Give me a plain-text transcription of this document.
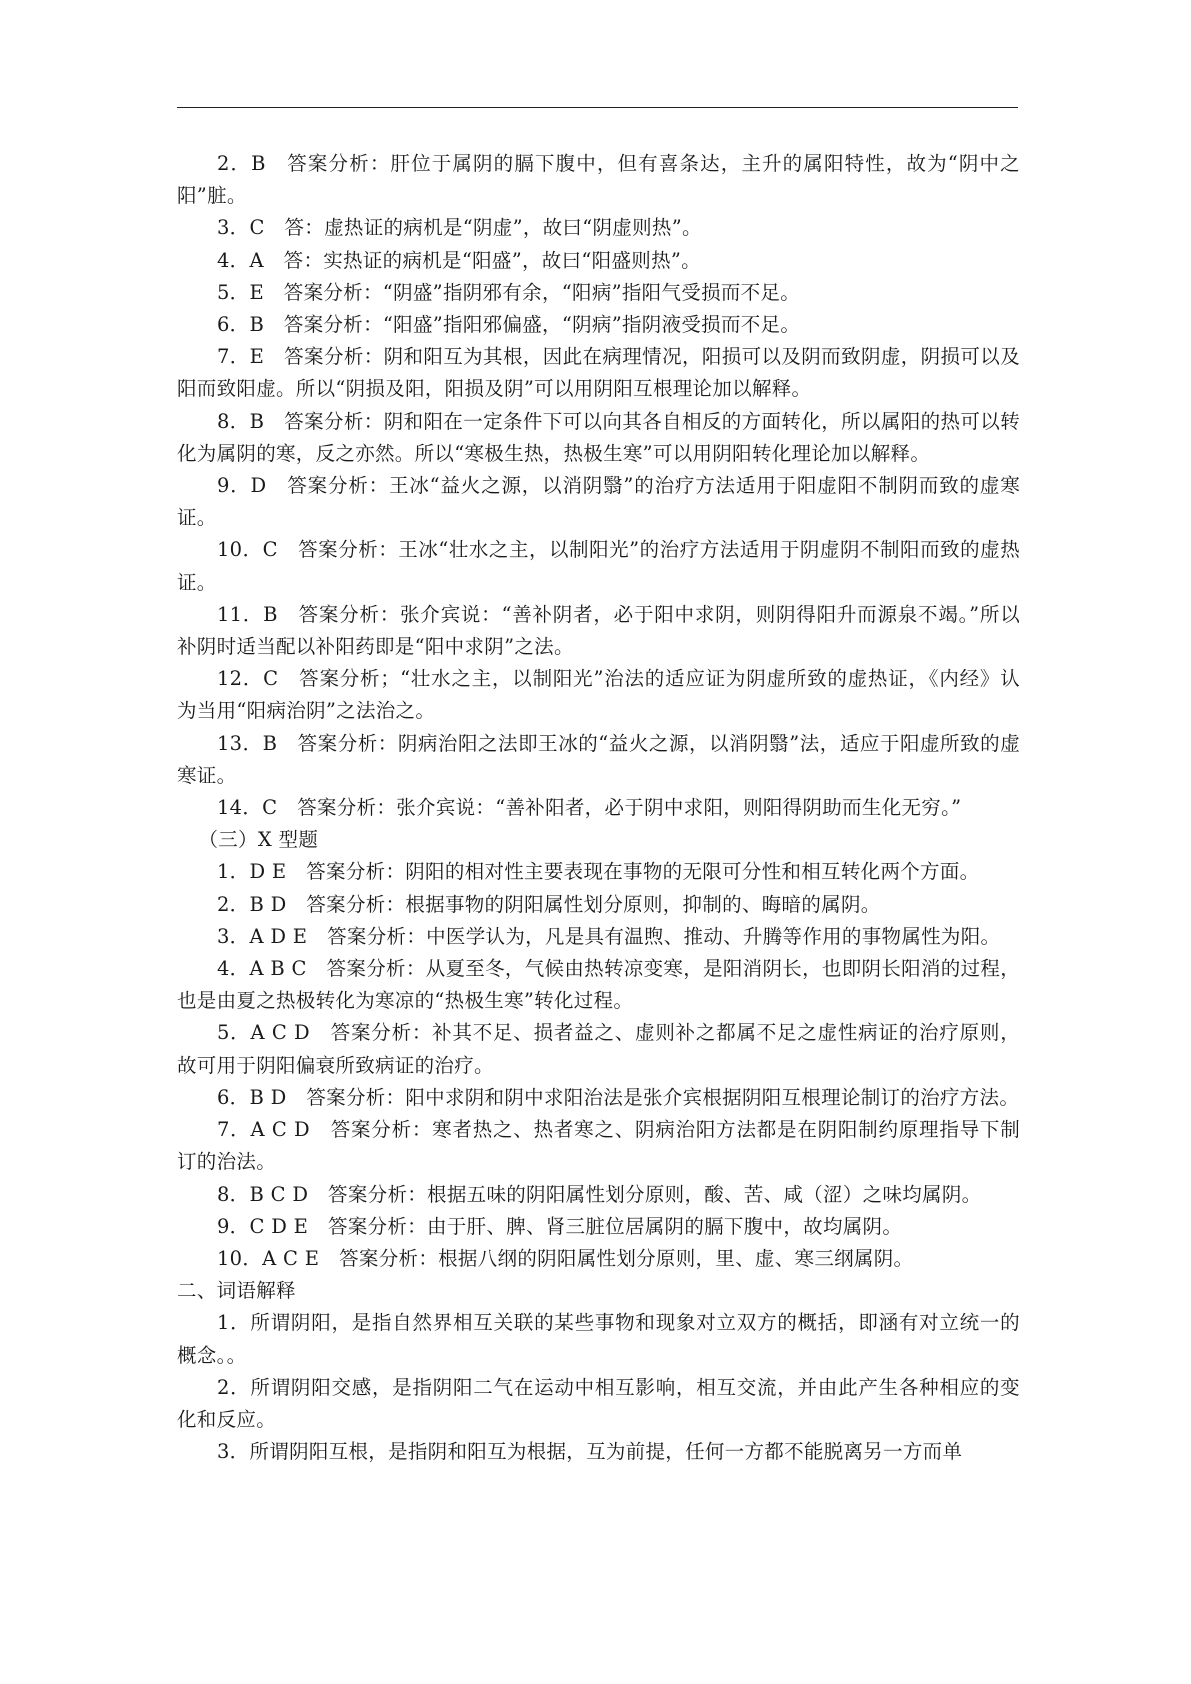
2．B　答案分析：肝位于属阴的膈下腹中，但有喜条达，主升的属阳特性，故为“阴中之阳”脏。

3．C　答：虚热证的病机是“阴虚”，故曰“阴虚则热”。

4．A　答：实热证的病机是“阳盛”，故曰“阳盛则热”。

5．E　答案分析：“阴盛”指阴邪有余，“阳病”指阳气受损而不足。

6．B　答案分析：“阳盛”指阳邪偏盛，“阴病”指阴液受损而不足。

7．E　答案分析：阴和阳互为其根，因此在病理情况，阳损可以及阴而致阴虚，阴损可以及阳而致阳虚。所以“阴损及阳，阳损及阴”可以用阴阳互根理论加以解释。

8．B　答案分析：阴和阳在一定条件下可以向其各自相反的方面转化，所以属阳的热可以转化为属阴的寒，反之亦然。所以“寒极生热，热极生寒”可以用阴阳转化理论加以解释。

9．D　答案分析：王冰“益火之源，以消阴翳”的治疗方法适用于阳虚阳不制阴而致的虚寒证。

10．C　答案分析：王冰“壮水之主，以制阳光”的治疗方法适用于阴虚阴不制阳而致的虚热证。

11．B　答案分析：张介宾说：“善补阴者，必于阳中求阴，则阴得阳升而源泉不竭。”所以补阴时适当配以补阳药即是“阳中求阴”之法。

12．C　答案分析；“壮水之主，以制阳光”治法的适应证为阴虚所致的虚热证，《内经》认为当用“阳病治阴”之法治之。

13．B　答案分析：阴病治阳之法即王冰的“益火之源，以消阴翳”法，适应于阳虚所致的虚寒证。

14．C　答案分析：张介宾说：“善补阳者，必于阴中求阳，则阳得阴助而生化无穷。”

（三）X 型题

1．D E　答案分析：阴阳的相对性主要表现在事物的无限可分性和相互转化两个方面。

2．B D　答案分析：根据事物的阴阳属性划分原则，抑制的、晦暗的属阴。

3．A D E　答案分析：中医学认为，凡是具有温煦、推动、升腾等作用的事物属性为阳。

4．A B C　答案分析：从夏至冬，气候由热转凉变寒，是阳消阴长，也即阴长阳消的过程，也是由夏之热极转化为寒凉的“热极生寒”转化过程。

5．A C D　答案分析：补其不足、损者益之、虚则补之都属不足之虚性病证的治疗原则，故可用于阴阳偏衰所致病证的治疗。

6．B D　答案分析：阳中求阴和阴中求阳治法是张介宾根据阴阳互根理论制订的治疗方法。

7．A C D　答案分析：寒者热之、热者寒之、阴病治阳方法都是在阴阳制约原理指导下制订的治法。

8．B C D　答案分析：根据五味的阴阳属性划分原则，酸、苦、咸（涩）之味均属阴。

9．C D E　答案分析：由于肝、脾、肾三脏位居属阴的膈下腹中，故均属阴。

10．A C E　答案分析：根据八纲的阴阳属性划分原则，里、虚、寒三纲属阴。

二、词语解释

1．所谓阴阳，是指自然界相互关联的某些事物和现象对立双方的概括，即涵有对立统一的概念。。

2．所谓阴阳交感，是指阴阳二气在运动中相互影响，相互交流，并由此产生各种相应的变化和反应。

3．所谓阴阳互根，是指阴和阳互为根据，互为前提，任何一方都不能脱离另一方而单
